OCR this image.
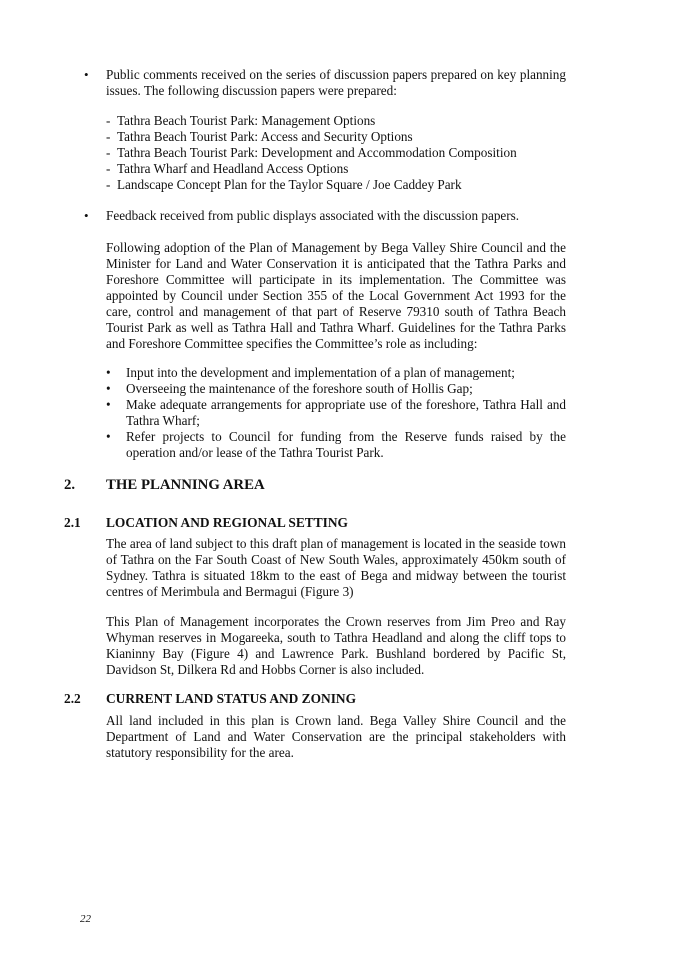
• Public comments received on the series of discussion papers prepared on key planning issues. The following discussion papers were prepared:
- Tathra Beach Tourist Park: Management Options
- Tathra Beach Tourist Park: Access and Security Options
- Tathra Beach Tourist Park: Development and Accommodation Composition
- Tathra Wharf and Headland Access Options
- Landscape Concept Plan for the Taylor Square / Joe Caddey Park
• Feedback received from public displays associated with the discussion papers.
Following adoption of the Plan of Management by Bega Valley Shire Council and the Minister for Land and Water Conservation it is anticipated that the Tathra Parks and Foreshore Committee will participate in its implementation. The Committee was appointed by Council under Section 355 of the Local Government Act 1993 for the care, control and management of that part of Reserve 79310 south of Tathra Beach Tourist Park as well as Tathra Hall and Tathra Wharf. Guidelines for the Tathra Parks and Foreshore Committee specifies the Committee’s role as including:
• Input into the development and implementation of a plan of management;
• Overseeing the maintenance of the foreshore south of Hollis Gap;
• Make adequate arrangements for appropriate use of the foreshore, Tathra Hall and Tathra Wharf;
• Refer projects to Council for funding from the Reserve funds raised by the operation and/or lease of the Tathra Tourist Park.
2. THE PLANNING AREA
2.1 LOCATION AND REGIONAL SETTING
The area of land subject to this draft plan of management is located in the seaside town of Tathra on the Far South Coast of New South Wales, approximately 450km south of Sydney. Tathra is situated 18km to the east of Bega and midway between the tourist centres of Merimbula and Bermagui (Figure 3)
This Plan of Management incorporates the Crown reserves from Jim Preo and Ray Whyman reserves in Mogareeka, south to Tathra Headland and along the cliff tops to Kianinny Bay (Figure 4) and Lawrence Park. Bushland bordered by Pacific St, Davidson St, Dilkera Rd and Hobbs Corner is also included.
2.2 CURRENT LAND STATUS AND ZONING
All land included in this plan is Crown land. Bega Valley Shire Council and the Department of Land and Water Conservation are the principal stakeholders with statutory responsibility for the area.
22
